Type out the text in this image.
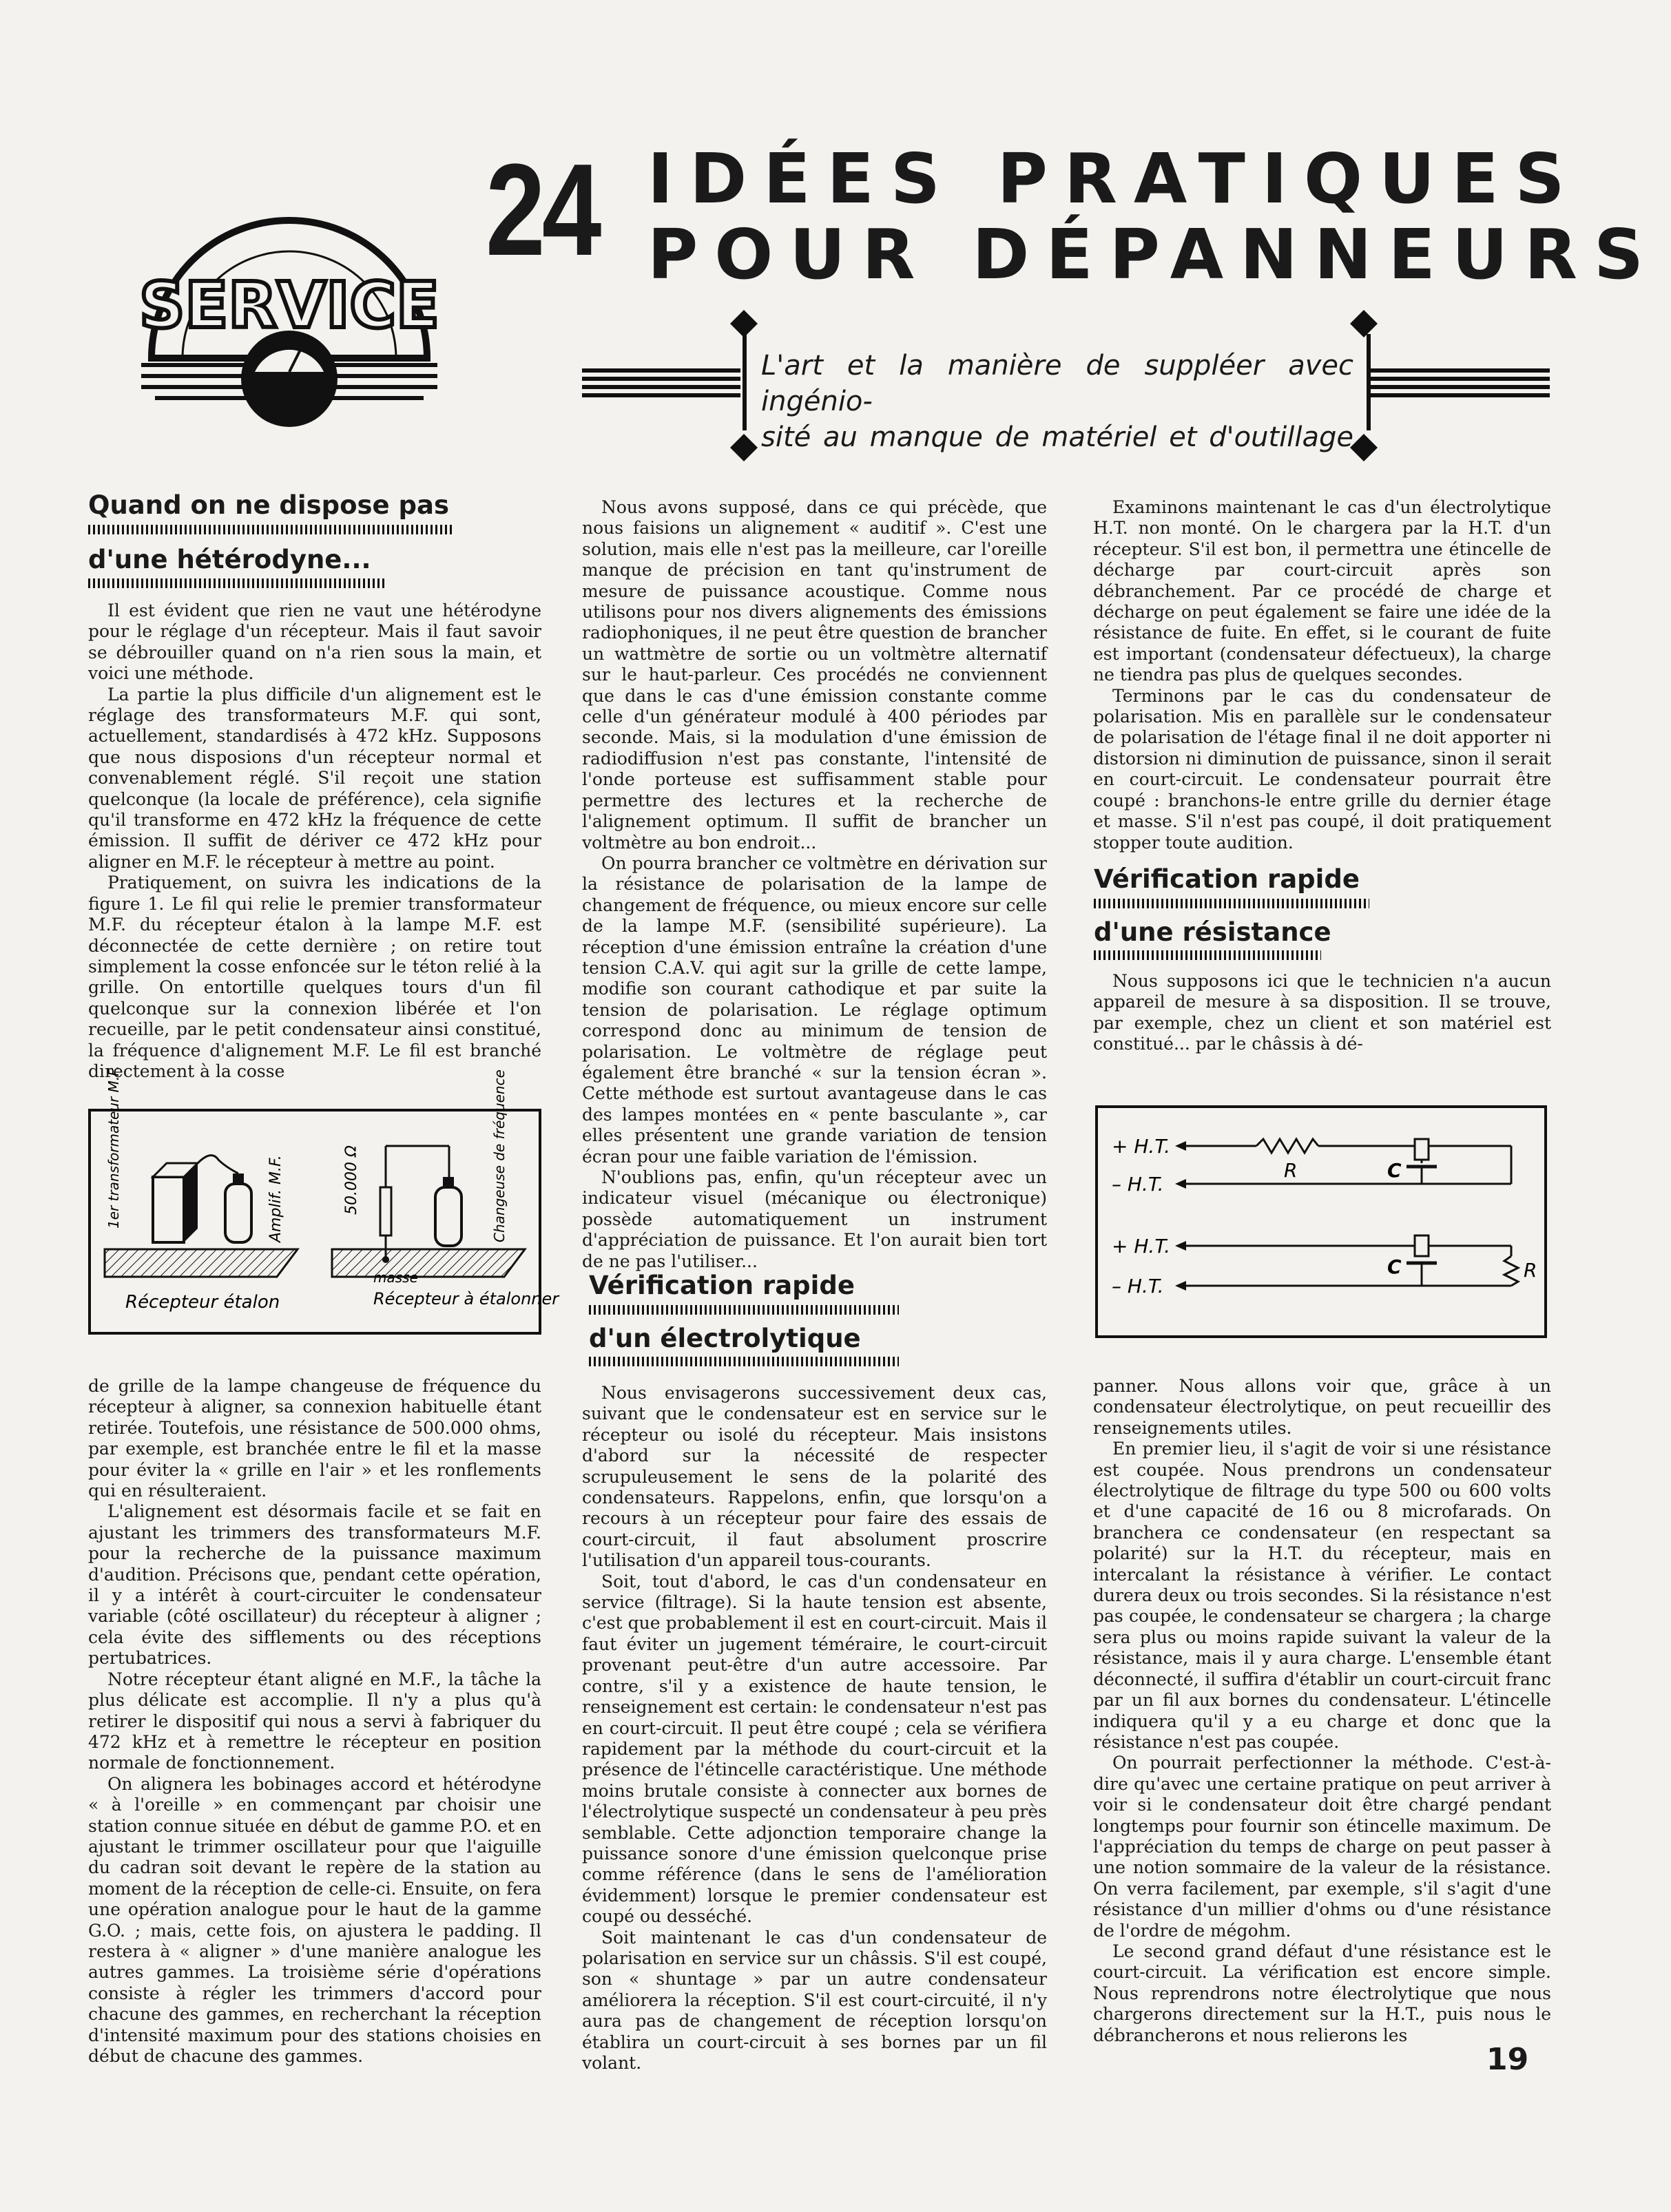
SERVICE
24 IDÉES PRATIQUES
POUR DÉPANNEURS
L'art et la manière de suppléer avec ingénio-
sité au manque de matériel et d'outillage
Quand on ne dispose pas
d'une hétérodyne...

Il est évident que rien ne vaut une hétérodyne pour le réglage d'un récepteur. Mais il faut savoir se débrouiller quand on n'a rien sous la main, et voici une méthode.

La partie la plus difficile d'un alignement est le réglage des transformateurs M.F. qui sont, actuellement, standardisés à 472 kHz. Supposons que nous disposions d'un récepteur normal et convenablement réglé. S'il reçoit une station quelconque (la locale de préférence), cela signifie qu'il transforme en 472 kHz la fréquence de cette émission. Il suffit de dériver ce 472 kHz pour aligner en M.F. le récepteur à mettre au point.

Pratiquement, on suivra les indications de la figure 1. Le fil qui relie le premier transformateur M.F. du récepteur étalon à la lampe M.F. est déconnectée de cette dernière ; on retire tout simplement la cosse enfoncée sur le téton relié à la grille. On entortille quelques tours d'un fil quelconque sur la connexion libérée et l'on recueille, par le petit condensateur ainsi constitué, la fréquence d'alignement M.F. Le fil est branché directement à la cosse

1er transformateur M.F.	Amplif. M.F.	50.000 Ω	Changeuse de fréquence
masse
Récepteur étalon	Récepteur à étalonner

de grille de la lampe changeuse de fréquence du récepteur à aligner, sa connexion habituelle étant retirée. Toutefois, une résistance de 500.000 ohms, par exemple, est branchée entre le fil et la masse pour éviter la « grille en l'air » et les ronflements qui en résulteraient.

L'alignement est désormais facile et se fait en ajustant les trimmers des transformateurs M.F. pour la recherche de la puissance maximum d'audition. Précisons que, pendant cette opération, il y a intérêt à court-circuiter le condensateur variable (côté oscillateur) du récepteur à aligner ; cela évite des sifflements ou des réceptions pertubatrices.

Notre récepteur étant aligné en M.F., la tâche la plus délicate est accomplie. Il n'y a plus qu'à retirer le dispositif qui nous a servi à fabriquer du 472 kHz et à remettre le récepteur en position normale de fonctionnement.

On alignera les bobinages accord et hétérodyne « à l'oreille » en commençant par choisir une station connue située en début de gamme P.O. et en ajustant le trimmer oscillateur pour que l'aiguille du cadran soit devant le repère de la station au moment de la réception de celle-ci. Ensuite, on fera une opération analogue pour le haut de la gamme G.O. ; mais, cette fois, on ajustera le padding. Il restera à « aligner » d'une manière analogue les autres gammes. La troisième série d'opérations consiste à régler les trimmers d'accord pour chacune des gammes, en recherchant la réception d'intensité maximum pour des stations choisies en début de chacune des gammes.

Nous avons supposé, dans ce qui précède, que nous faisions un alignement « auditif ». C'est une solution, mais elle n'est pas la meilleure, car l'oreille manque de précision en tant qu'instrument de mesure de puissance acoustique. Comme nous utilisons pour nos divers alignements des émissions radiophoniques, il ne peut être question de brancher un wattmètre de sortie ou un voltmètre alternatif sur le haut-parleur. Ces procédés ne conviennent que dans le cas d'une émission constante comme celle d'un générateur modulé à 400 périodes par seconde. Mais, si la modulation d'une émission de radiodiffusion n'est pas constante, l'intensité de l'onde porteuse est suffisamment stable pour permettre des lectures et la recherche de l'alignement optimum. Il suffit de brancher un voltmètre au bon endroit...

On pourra brancher ce voltmètre en dérivation sur la résistance de polarisation de la lampe de changement de fréquence, ou mieux encore sur celle de la lampe M.F. (sensibilité supérieure). La réception d'une émission entraîne la création d'une tension C.A.V. qui agit sur la grille de cette lampe, modifie son courant cathodique et par suite la tension de polarisation. Le réglage optimum correspond donc au minimum de tension de polarisation. Le voltmètre de réglage peut également être branché « sur la tension écran ». Cette méthode est surtout avantageuse dans le cas des lampes montées en « pente basculante », car elles présentent une grande variation de tension écran pour une faible variation de l'émission.

N'oublions pas, enfin, qu'un récepteur avec un indicateur visuel (mécanique ou électronique) possède automatiquement un instrument d'appréciation de puissance. Et l'on aurait bien tort de ne pas l'utiliser...

Vérification rapide
d'un électrolytique

Nous envisagerons successivement deux cas, suivant que le condensateur est en service sur le récepteur ou isolé du récepteur. Mais insistons d'abord sur la nécessité de respecter scrupuleusement le sens de la polarité des condensateurs. Rappelons, enfin, que lorsqu'on a recours à un récepteur pour faire des essais de court-circuit, il faut absolument proscrire l'utilisation d'un appareil tous-courants.

Soit, tout d'abord, le cas d'un condensateur en service (filtrage). Si la haute tension est absente, c'est que probablement il est en court-circuit. Mais il faut éviter un jugement téméraire, le court-circuit provenant peut-être d'un autre accessoire. Par contre, s'il y a existence de haute tension, le renseignement est certain: le condensateur n'est pas en court-circuit. Il peut être coupé ; cela se vérifiera rapidement par la méthode du court-circuit et la présence de l'étincelle caractéristique. Une méthode moins brutale consiste à connecter aux bornes de l'électrolytique suspecté un condensateur à peu près semblable. Cette adjonction temporaire change la puissance sonore d'une émission quelconque prise comme référence (dans le sens de l'amélioration évidemment) lorsque le premier condensateur est coupé ou desséché.

Soit maintenant le cas d'un condensateur de polarisation en service sur un châssis. S'il est coupé, son « shuntage » par un autre condensateur améliorera la réception. S'il est court-circuité, il n'y aura pas de changement de réception lorsqu'on établira un court-circuit à ses bornes par un fil volant.

Examinons maintenant le cas d'un électrolytique H.T. non monté. On le chargera par la H.T. d'un récepteur. S'il est bon, il permettra une étincelle de décharge par court-circuit après son débranchement. Par ce procédé de charge et décharge on peut également se faire une idée de la résistance de fuite. En effet, si le courant de fuite est important (condensateur défectueux), la charge ne tiendra pas plus de quelques secondes.

Terminons par le cas du condensateur de polarisation. Mis en parallèle sur le condensateur de polarisation de l'étage final il ne doit apporter ni distorsion ni diminution de puissance, sinon il serait en court-circuit. Le condensateur pourrait être coupé : branchons-le entre grille du dernier étage et masse. S'il n'est pas coupé, il doit pratiquement stopper toute audition.

Vérification rapide
d'une résistance

Nous supposons ici que le technicien n'a aucun appareil de mesure à sa disposition. Il se trouve, par exemple, chez un client et son matériel est constitué... par le châssis à dé-

+ H.T.
– H.T.
R	C
+ H.T.
– H.T.
C	R

panner. Nous allons voir que, grâce à un condensateur électrolytique, on peut recueillir des renseignements utiles.

En premier lieu, il s'agit de voir si une résistance est coupée. Nous prendrons un condensateur électrolytique de filtrage du type 500 ou 600 volts et d'une capacité de 16 ou 8 microfarads. On branchera ce condensateur (en respectant sa polarité) sur la H.T. du récepteur, mais en intercalant la résistance à vérifier. Le contact durera deux ou trois secondes. Si la résistance n'est pas coupée, le condensateur se chargera ; la charge sera plus ou moins rapide suivant la valeur de la résistance, mais il y aura charge. L'ensemble étant déconnecté, il suffira d'établir un court-circuit franc par un fil aux bornes du condensateur. L'étincelle indiquera qu'il y a eu charge et donc que la résistance n'est pas coupée.

On pourrait perfectionner la méthode. C'est-à-dire qu'avec une certaine pratique on peut arriver à voir si le condensateur doit être chargé pendant longtemps pour fournir son étincelle maximum. De l'appréciation du temps de charge on peut passer à une notion sommaire de la valeur de la résistance. On verra facilement, par exemple, s'il s'agit d'une résistance d'un millier d'ohms ou d'une résistance de l'ordre de mégohm.

Le second grand défaut d'une résistance est le court-circuit. La vérification est encore simple. Nous reprendrons notre électrolytique que nous chargerons directement sur la H.T., puis nous le débrancherons et nous relierons les

19
